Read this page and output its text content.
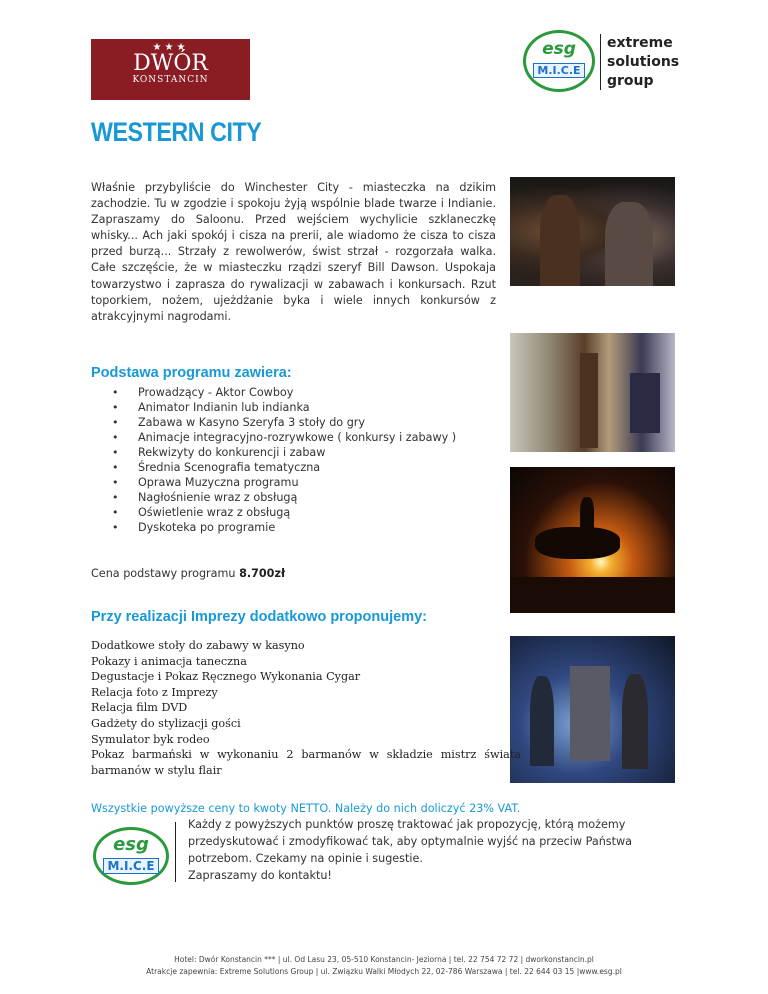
★★★
DWÓR
KONSTANCIN
esg
M.I.C.E
extreme
solutions
group
WESTERN CITY
Właśnie przybyliście do Winchester City - miasteczka na dzikim zachodzie. Tu w zgodzie i spokoju żyją wspólnie blade twarze i Indianie. Zapraszamy do Saloonu. Przed wejściem wychylicie szklaneczkę whisky... Ach jaki spokój i cisza na prerii, ale wiadomo że cisza to cisza przed burzą... Strzały z rewolwerów, świst strzał - rozgorzała walka. Całe szczęście, że w miasteczku rządzi szeryf Bill Dawson. Uspokaja towarzystwo i zaprasza do rywalizacji w zabawach i konkursach. Rzut toporkiem, nożem, ujeżdżanie byka i wiele innych konkursów z atrakcyjnymi nagrodami.
Podstawa programu zawiera:
• Prowadzący - Aktor Cowboy
• Animator Indianin lub indianka
• Zabawa w Kasyno Szeryfa 3 stoły do gry
• Animacje integracyjno-rozrywkowe ( konkursy i zabawy )
• Rekwizyty do konkurencji i zabaw
• Średnia Scenografia tematyczna
• Oprawa Muzyczna programu
• Nagłośnienie wraz z obsługą
• Oświetlenie wraz z obsługą
• Dyskoteka po programie
Cena podstawy programu 8.700zł
Przy realizacji Imprezy dodatkowo proponujemy:
Dodatkowe stoły do zabawy w kasyno
Pokazy i animacja taneczna
Degustacje i Pokaz Ręcznego Wykonania Cygar
Relacja foto z Imprezy
Relacja film DVD
Gadżety do stylizacji gości
Symulator byk rodeo
Pokaz barmański w wykonaniu 2 barmanów w składzie mistrz świata barmanów w stylu flair
Wszystkie powyższe ceny to kwoty NETTO. Należy do nich doliczyć 23% VAT.
esg
M.I.C.E
Każdy z powyższych punktów proszę traktować jak propozycję, którą możemy
przedyskutować i zmodyfikować tak, aby optymalnie wyjść na przeciw Państwa
potrzebom. Czekamy na opinie i sugestie.
Zapraszamy do kontaktu!
Hotel: Dwór Konstancin *** | ul. Od Lasu 23, 05-510 Konstancin- Jeziorna | tel. 22 754 72 72 | dworkonstancin.pl
Atrakcje zapewnia: Extreme Solutions Group | ul. Związku Walki Młodych 22, 02-786 Warszawa | tel. 22 644 03 15 |www.esg.pl
